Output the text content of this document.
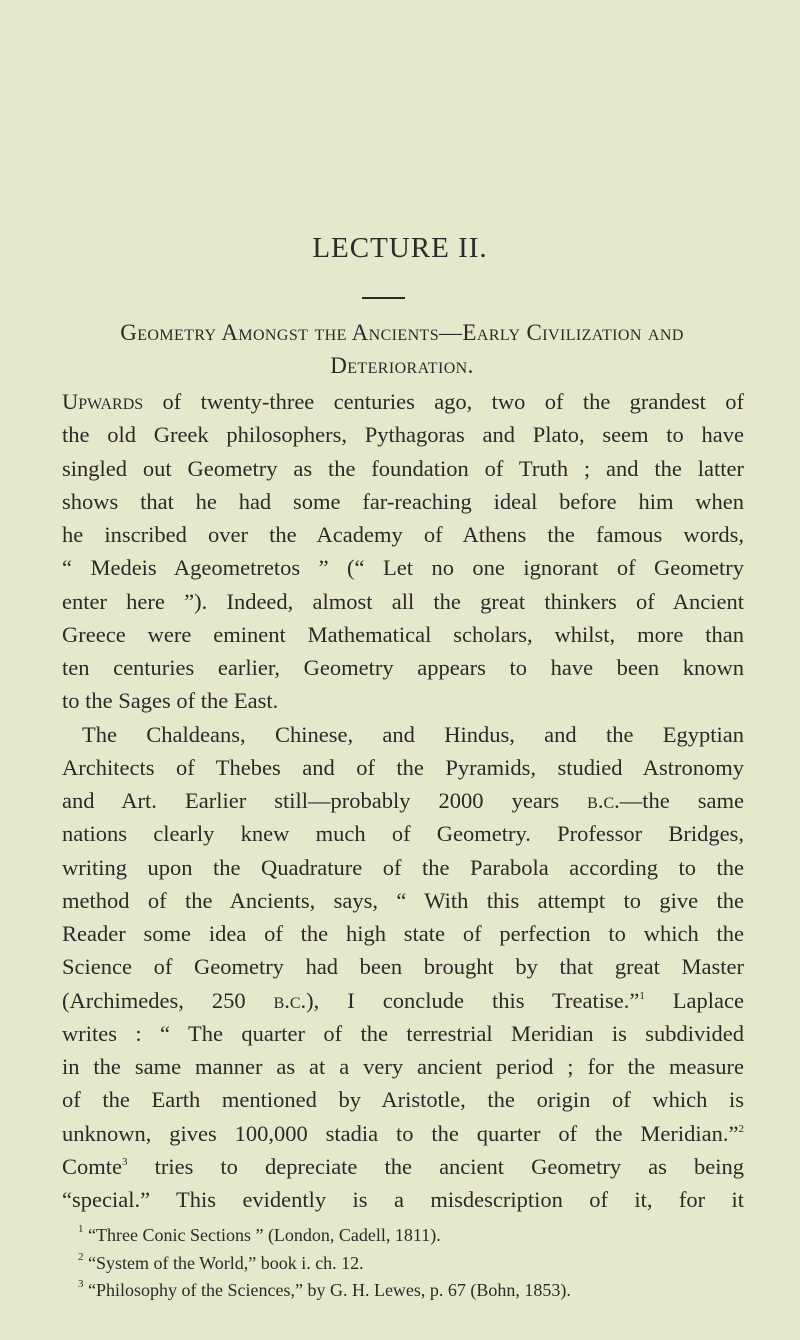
LECTURE II.
Geometry Amongst the Ancients—Early Civilization and
Deterioration.
Upwards of twenty-three centuries ago, two of the grandest of
the old Greek philosophers, Pythagoras and Plato, seem to have
singled out Geometry as the foundation of Truth ; and the latter
shows that he had some far-reaching ideal before him when
he inscribed over the Academy of Athens the famous words,
“ Medeis Ageometretos ” (“ Let no one ignorant of Geometry
enter here ”). Indeed, almost all the great thinkers of Ancient
Greece were eminent Mathematical scholars, whilst, more than
ten centuries earlier, Geometry appears to have been known
to the Sages of the East.
The Chaldeans, Chinese, and Hindus, and the Egyptian
Architects of Thebes and of the Pyramids, studied Astronomy
and Art. Earlier still—probably 2000 years b.c.—the same
nations clearly knew much of Geometry. Professor Bridges,
writing upon the Quadrature of the Parabola according to the
method of the Ancients, says, “ With this attempt to give the
Reader some idea of the high state of perfection to which the
Science of Geometry had been brought by that great Master
(Archimedes, 250 b.c.), I conclude this Treatise.”$^1$ Laplace
writes : “ The quarter of the terrestrial Meridian is subdivided
in the same manner as at a very ancient period ; for the measure
of the Earth mentioned by Aristotle, the origin of which is
unknown, gives 100,000 stadia to the quarter of the Meridian.”$^2$
Comte$^3$ tries to depreciate the ancient Geometry as being
“special.” This evidently is a misdescription of it, for it
$^1$ “Three Conic Sections ” (London, Cadell, 1811).
$^2$ “System of the World,” book i. ch. 12.
$^3$ “Philosophy of the Sciences,” by G. H. Lewes, p. 67 (Bohn, 1853).
